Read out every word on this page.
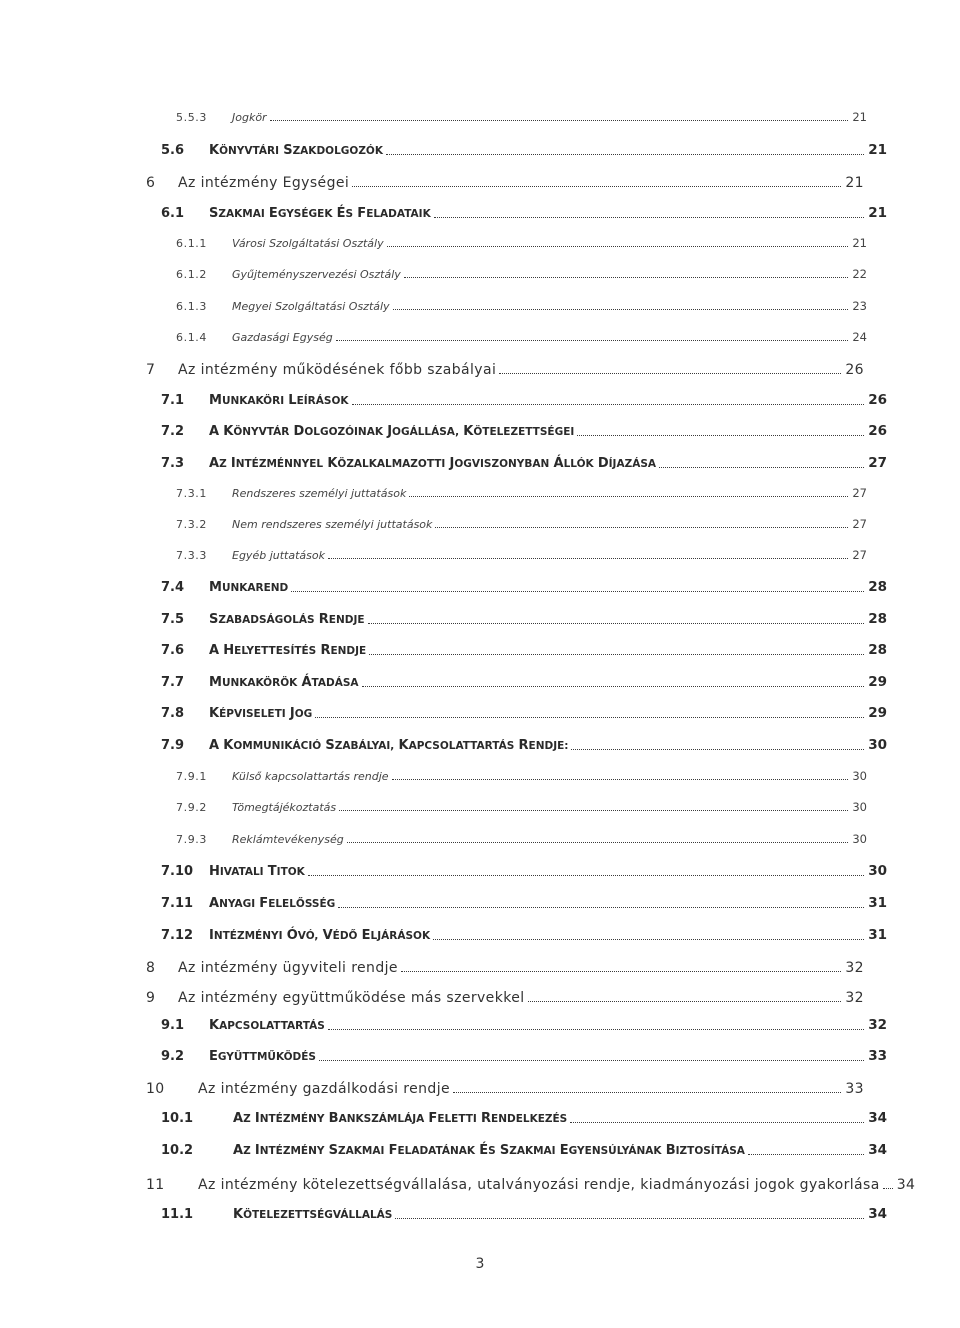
5.5.3	Jogkör	21
5.6	KÖNYVTÁRI SZAKDOLGOZÓK	21
6	Az intézmény Egységei	21
6.1	SZAKMAI EGYSÉGEK ÉS FELADATAIK	21
6.1.1	Városi Szolgáltatási Osztály	21
6.1.2	Gyűjteményszervezési Osztály	22
6.1.3	Megyei Szolgáltatási Osztály	23
6.1.4	Gazdasági Egység	24
7	Az intézmény működésének főbb szabályai	26
7.1	MUNKAKÖRI LEÍRÁSOK	26
7.2	A KÖNYVTÁR DOLGOZÓINAK JOGÁLLÁSA, KÖTELEZETTSÉGEI	26
7.3	AZ INTÉZMÉNNYEL KÖZALKALMAZOTTI JOGVISZONYBAN ÁLLÓK DÍJAZÁSA	27
7.3.1	Rendszeres személyi juttatások	27
7.3.2	Nem rendszeres személyi juttatások	27
7.3.3	Egyéb juttatások	27
7.4	MUNKAREND	28
7.5	SZABADSÁGOLÁS RENDJE	28
7.6	A HELYETTESÍTÉS RENDJE	28
7.7	MUNKAKÖRÖK ÁTADÁSA	29
7.8	KÉPVISELETI JOG	29
7.9	A KOMMUNIKÁCIÓ SZABÁLYAI, KAPCSOLATTARTÁS RENDJE:	30
7.9.1	Külső kapcsolattartás rendje	30
7.9.2	Tömegtájékoztatás	30
7.9.3	Reklámtevékenység	30
7.10	HIVATALI TITOK	30
7.11	ANYAGI FELELŐSSÉG	31
7.12	INTÉZMÉNYI ÓVÓ, VÉDŐ ELJÁRÁSOK	31
8	Az intézmény ügyviteli rendje	32
9	Az intézmény együttműködése más szervekkel	32
9.1	KAPCSOLATTARTÁS	32
9.2	EGYÜTTMŰKÖDÉS	33
10	Az intézmény gazdálkodási rendje	33
10.1	AZ INTÉZMÉNY BANKSZÁMLÁJA FELETTI RENDELKEZÉS	34
10.2	AZ INTÉZMÉNY SZAKMAI FELADATÁNAK ÉS SZAKMAI EGYENSÚLYÁNAK BIZTOSÍTÁSA	34
11	Az intézmény kötelezettségvállalása, utalványozási rendje, kiadmányozási jogok gyakorlása 34
11.1	KÖTELEZETTSÉGVÁLLALÁS	34
3
